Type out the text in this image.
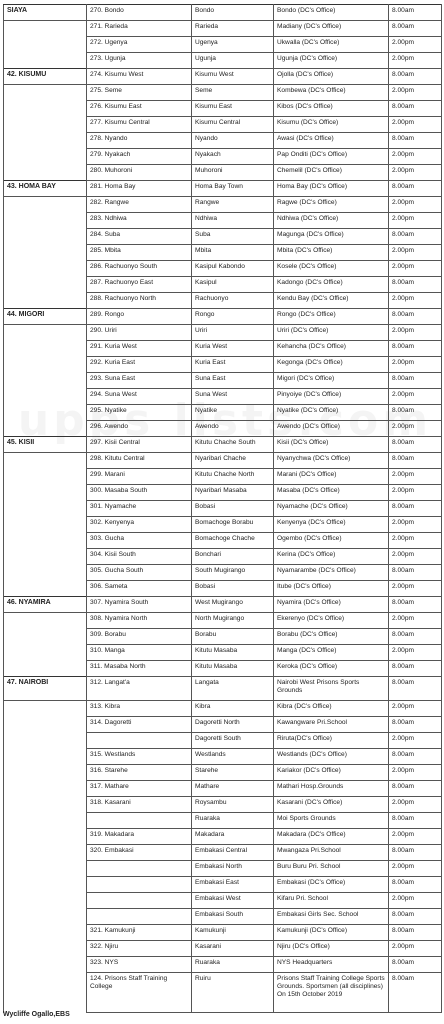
SIAYA	270. Bondo	Bondo	Bondo (DC's Office)	8.00am
	271. Rarieda	Rarieda	Madiany (DC's Office)	8.00am
	272. Ugenya	Ugenya	Ukwalla (DC's Office)	2.00pm
	273. Ugunja	Ugunja	Ugunja (DC's Office)	2.00pm
42. KISUMU	274. Kisumu West	Kisumu West	Ojolla (DC's Office)	8.00am
	275. Seme	Seme	Kombewa (DC's Office)	2.00pm
	276. Kisumu East	Kisumu East	Kibos (DC's Office)	8.00am
	277. Kisumu Central	Kisumu Central	Kisumu (DC's Office)	2.00pm
	278. Nyando	Nyando	Awasi (DC's Office)	8.00am
	279. Nyakach	Nyakach	Pap Onditi (DC's Office)	2.00pm
	280. Muhoroni	Muhoroni	Chemelil (DC's Office)	2.00pm
43. HOMA BAY	281. Homa Bay	Homa Bay Town	Homa Bay (DC's Office)	8.00am
	282. Rangwe	Rangwe	Ragwe (DC's Office)	2.00pm
	283. Ndhiwa	Ndhiwa	Ndhiwa (DC's Office)	2.00pm
	284. Suba	Suba	Magunga (DC's Office)	8.00am
	285. Mbita	Mbita	Mbita (DC's Office)	2.00pm
	286. Rachuonyo South	Kasipul Kabondo	Kosele (DC's Office)	2.00pm
	287. Rachuonyo East	Kasipul	Kadongo (DC's Office)	8.00am
	288. Rachuonyo North	Rachuonyo	Kendu Bay (DC's Office)	2.00pm
44. MIGORI	289. Rongo	Rongo	Rongo (DC's Office)	8.00am
	290. Uriri	Uriri	Uriri (DC's Office)	2.00pm
	291. Kuria West	Kuria West	Kehancha (DC's Office)	8.00am
	292. Kuria East	Kuria East	Kegonga (DC's Office)	2.00pm
	293. Suna East	Suna East	Migori (DC's Office)	8.00am
	294. Suna West	Suna West	Pinyoiye (DC's Office)	2.00pm
	295. Nyatike	Nyatike	Nyatike (DC's Office)	8.00am
	296. Awendo	Awendo	Awendo (DC's Office)	2.00pm
45. KISII	297. Kisii Central	Kitutu Chache South	Kisii (DC's Office)	8.00am
	298. Kitutu Central	Nyaribari Chache	Nyanychwa (DC's Office)	8.00am
	299. Marani	Kitutu Chache North	Marani (DC's Office)	2.00pm
	300. Masaba South	Nyaribari Masaba	Masaba (DC's Office)	2.00pm
	301. Nyamache	Bobasi	Nyamache (DC's Office)	8.00am
	302. Kenyenya	Bomachoge Borabu	Kenyenya (DC's Office)	2.00pm
	303. Gucha	Bomachoge Chache	Ogembo (DC's Office)	2.00pm
	304. Kisii South	Bonchari	Kerina (DC's Office)	2.00pm
	305. Gucha South	South Mugirango	Nyamarambe (DC's Office)	8.00am
	306. Sameta	Bobasi	Itube (DC's Office)	2.00pm
46. NYAMIRA	307. Nyamira South	West Mugirango	Nyamira (DC's Office)	8.00am
	308. Nyamira North	North Mugirango	Ekerenyo (DC's Office)	2.00pm
	309. Borabu	Borabu	Borabu (DC's Office)	8.00am
	310. Manga	Kitutu Masaba	Manga (DC's Office)	2.00pm
	311. Masaba North	Kitutu Masaba	Keroka (DC's Office)	8.00am
47. NAIROBI	312. Langat'a	Langata	Nairobi West Prisons Sports Grounds	8.00am
	313. Kibra	Kibra	Kibra (DC's Office)	2.00pm
	314. Dagoretti	Dagoretti North	Kawangware Pri.School	8.00am
		Dagoretti South	Riruta(DC's Office)	2.00pm
	315. Westlands	Westlands	Westlands (DC's Office)	8.00am
	316. Starehe	Starehe	Kariakor (DC's Office)	2.00pm
	317. Mathare	Mathare	Mathari Hosp.Grounds	8.00am
	318. Kasarani	Roysambu	Kasarani (DC's Office)	2.00pm
		Ruaraka	Moi Sports Grounds	8.00am
	319. Makadara	Makadara	Makadara (DC's Office)	2.00pm
	320. Embakasi	Embakasi Central	Mwangaza Pri.School	8.00am
		Embakasi North	Buru Buru Pri. School	2.00pm
		Embakasi East	Embakasi (DC's Office)	8.00am
		Embakasi West	Kifaru Pri. School	2.00pm
		Embakasi South	Embakasi Girls Sec. School	8.00am
	321. Kamukunji	Kamukunji	Kamukunji (DC's Office)	8.00am
	322. Njiru	Kasarani	Njiru (DC's Office)	2.00pm
	323. NYS	Ruaraka	NYS Headquarters	8.00am
	124. Prisons Staff Training College	Ruiru	Prisons Staff Training College Sports Grounds. Sportsmen (all disciplines) On 15th October 2019	8.00am
Wycliffe Ogallo,EBS
